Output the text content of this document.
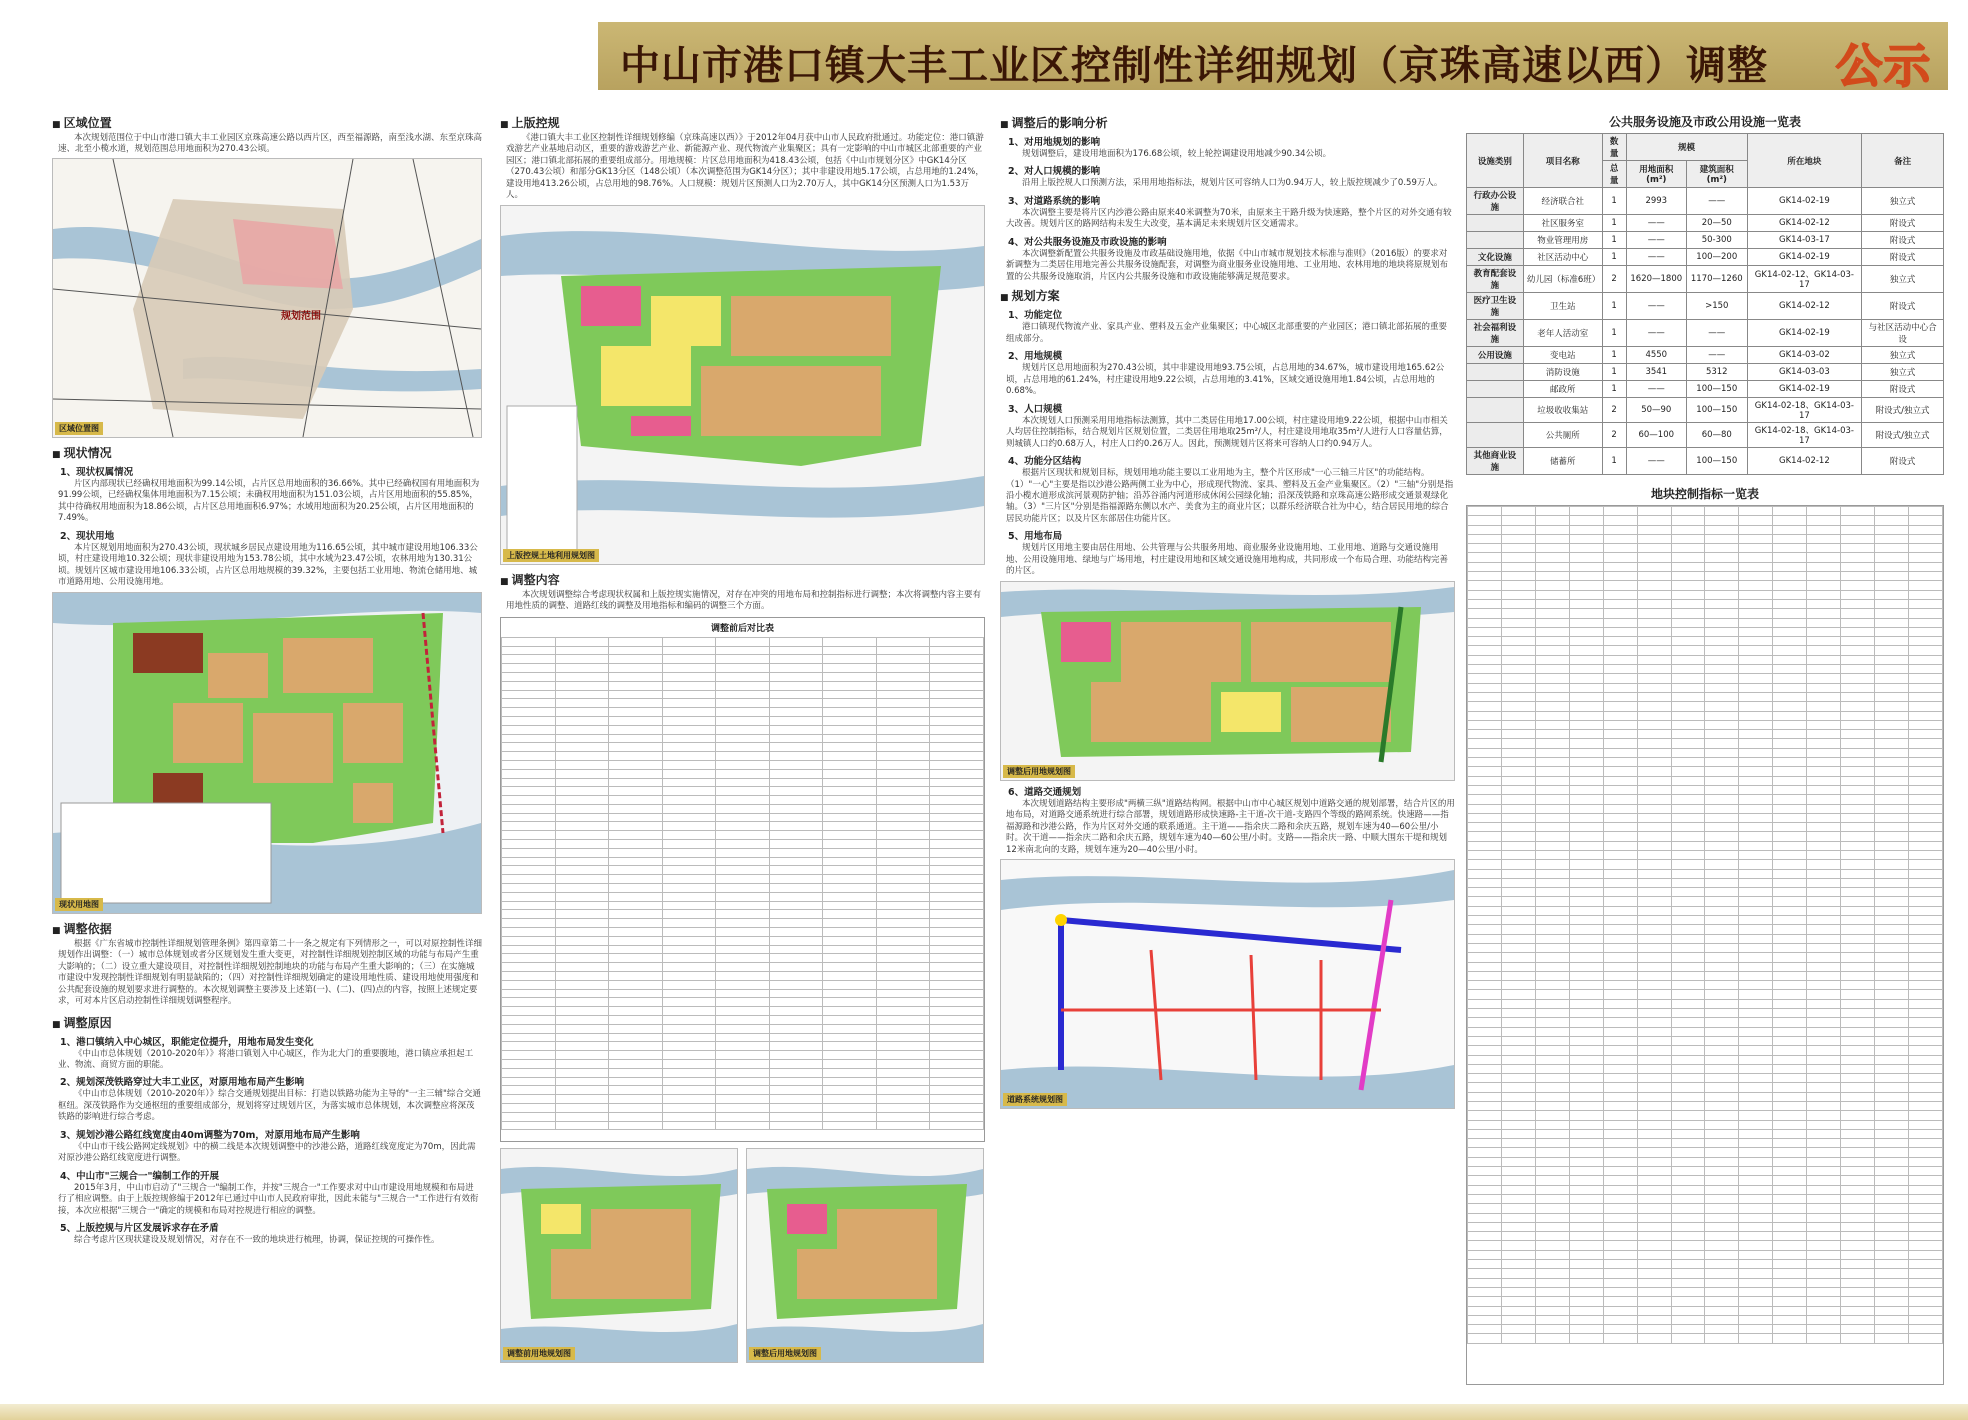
中山市港口镇大丰工业区控制性详细规划（京珠高速以西）调整 公示
■ 区域位置
本次规划范围位于中山市港口镇大丰工业园区京珠高速公路以西片区，西至福源路，南至浅水湖、东至京珠高速、北至小榄水道，规划范围总用地面积为270.43公顷。
规划范围
区域位置图
■ 现状情况
1、现状权属情况
片区内部现状已经确权用地面积为99.14公顷，占片区总用地面积的36.66%。其中已经确权国有用地面积为91.99公顷，已经确权集体用地面积为7.15公顷；未确权用地面积为151.03公顷，占片区用地面积的55.85%，其中待确权用地面积为18.86公顷，占片区总用地面积6.97%；水域用地面积为20.25公顷，占片区用地面积的7.49%。
2、现状用地
本片区规划用地面积为270.43公顷，现状城乡居民点建设用地为116.65公顷，其中城市建设用地106.33公顷，村庄建设用地10.32公顷；现状非建设用地为153.78公顷，其中水域为23.47公顷，农林用地为130.31公顷。规划片区城市建设用地106.33公顷，占片区总用地规模的39.32%，主要包括工业用地、物流仓储用地、城市道路用地、公用设施用地。
现状用地图
■ 调整依据
根据《广东省城市控制性详细规划管理条例》第四章第二十一条之规定有下列情形之一，可以对原控制性详细规划作出调整：（一）城市总体规划或者分区规划发生重大变更，对控制性详细规划控制区域的功能与布局产生重大影响的；（二）设立重大建设项目，对控制性详细规划控制地块的功能与布局产生重大影响的；（三）在实施城市建设中发现控制性详细规划有明显缺陷的；（四）对控制性详细规划确定的建设用地性质、建设用地使用强度和公共配套设施的规划要求进行调整的。本次规划调整主要涉及上述第(一)、(二)、(四)点的内容，按照上述规定要求，可对本片区启动控制性详细规划调整程序。
■ 调整原因
1、港口镇纳入中心城区，职能定位提升，用地布局发生变化
《中山市总体规划（2010-2020年）》将港口镇划入中心城区，作为北大门的重要腹地，港口镇应承担起工业、物流、商贸方面的职能。
2、规划深茂铁路穿过大丰工业区，对原用地布局产生影响
《中山市总体规划（2010-2020年）》综合交通规划提出目标：打造以铁路功能为主导的"一主三辅"综合交通枢纽。深茂铁路作为交通枢纽的重要组成部分，规划将穿过规划片区，为落实城市总体规划，本次调整应将深茂铁路的影响进行综合考虑。
3、规划沙港公路红线宽度由40m调整为70m，对原用地布局产生影响
《中山市干线公路网定线规划》中的横二线是本次规划调整中的沙港公路，道路红线宽度定为70m，因此需对原沙港公路红线宽度进行调整。
4、中山市"三规合一"编制工作的开展
2015年3月，中山市启动了"三规合一"编制工作，并按"三规合一"工作要求对中山市建设用地规模和布局进行了相应调整。由于上版控规修编于2012年已通过中山市人民政府审批，因此未能与"三规合一"工作进行有效衔接，本次应根据"三规合一"确定的规模和布局对控规进行相应的调整。
5、上版控规与片区发展诉求存在矛盾
综合考虑片区现状建设及规划情况，对存在不一致的地块进行梳理，协调，保证控规的可操作性。
■ 上版控规
《港口镇大丰工业区控制性详细规划修编（京珠高速以西）》于2012年04月获中山市人民政府批通过。功能定位：港口镇游戏游艺产业基地启动区，重要的游戏游艺产业、新能源产业、现代物流产业集聚区；具有一定影响的中山市城区北部重要的产业园区；港口镇北部拓展的重要组成部分。用地规模：片区总用地面积为418.43公顷，包括《中山市规划分区》中GK14分区（270.43公顷）和部分GK13分区（148公顷）（本次调整范围为GK14分区）；其中非建设用地5.17公顷，占总用地的1.24%，建设用地413.26公顷，占总用地的98.76%。人口规模：规划片区预测人口为2.70万人，其中GK14分区预测人口为1.53万人。
上版控规土地利用规划图
■ 调整内容
本次规划调整综合考虑现状权属和上版控规实施情况，对存在冲突的用地布局和控制指标进行调整；本次将调整内容主要有用地性质的调整、道路红线的调整及用地指标和编码的调整三个方面。
调整前后对比表

调整前用地规划图	调整后用地规划图
■ 调整后的影响分析
1、对用地规划的影响
规划调整后，建设用地面积为176.68公顷，较上轮控调建设用地减少90.34公顷。
2、对人口规模的影响
沿用上版控规人口预测方法，采用用地指标法，规划片区可容纳人口为0.94万人，较上版控规减少了0.59万人。
3、对道路系统的影响
本次调整主要是将片区内沙港公路由原来40米调整为70米，由原来主干路升级为快速路，整个片区的对外交通有较大改善。规划片区的路网结构未发生大改变，基本满足未来规划片区交通需求。
4、对公共服务设施及市政设施的影响
本次调整新配置公共服务设施及市政基础设施用地，依据《中山市城市规划技术标准与准则》（2016版）的要求对新调整为二类居住用地完善公共服务设施配套，对调整为商业服务业设施用地、工业用地、农林用地的地块将原规划布置的公共服务设施取消，片区内公共服务设施和市政设施能够满足规范要求。
■ 规划方案
1、功能定位
港口镇现代物流产业、家具产业、塑料及五金产业集聚区；中心城区北部重要的产业园区；港口镇北部拓展的重要组成部分。
2、用地规模
规划片区总用地面积为270.43公顷，其中非建设用地93.75公顷，占总用地的34.67%，城市建设用地165.62公顷，占总用地的61.24%，村庄建设用地9.22公顷，占总用地的3.41%，区域交通设施用地1.84公顷，占总用地的0.68%。
3、人口规模
本次规划人口预测采用用地指标法测算，其中二类居住用地17.00公顷，村庄建设用地9.22公顷，根据中山市相关人均居住控制指标，结合规划片区规划位置，二类居住用地取25m²/人，村庄建设用地取35m²/人进行人口容量估算，则城镇人口约0.68万人，村庄人口约0.26万人。因此，预测规划片区将来可容纳人口约0.94万人。
4、功能分区结构
根据片区现状和规划目标，规划用地功能主要以工业用地为主，整个片区形成"一心三轴三片区"的功能结构。（1）"一心"主要是指以沙港公路两侧工业为中心，形成现代物流、家具、塑料及五金产业集聚区。（2）"三轴"分别是指沿小榄水道形成滨河景观防护轴；沿苏谷涌内河道形成休闲公园绿化轴；沿深茂铁路和京珠高速公路形成交通景观绿化轴。（3）"三片区"分别是指福源路东侧以水产、美食为主的商业片区；以群乐经济联合社为中心，结合居民用地的综合居民功能片区；以及片区东部居住功能片区。
5、用地布局
规划片区用地主要由居住用地、公共管理与公共服务用地、商业服务业设施用地、工业用地、道路与交通设施用地、公用设施用地、绿地与广场用地，村庄建设用地和区域交通设施用地构成，共同形成一个布局合理、功能结构完善的片区。
调整后用地规划图
6、道路交通规划
本次规划道路结构主要形成"两横三纵"道路结构网。根据中山市中心城区规划中道路交通的规划部署，结合片区的用地布局，对道路交通系统进行综合部署，规划道路形成快速路-主干道-次干道-支路四个等级的路网系统。快速路——指福源路和沙港公路，作为片区对外交通的联系通道。主干道——指余庆二路和余庆五路，规划车速为40—60公里/小时。次干道——指余庆二路和余庆五路，规划车速为40—60公里/小时。支路——指余庆一路、中顺大围东干堤和规划12米南北向的支路，规划车速为20—40公里/小时。
道路系统规划图
公共服务设施及市政公用设施一览表
设施类别	项目名称	数量	规模		所在地块	备注
		总量	用地面积(m²)	建筑面积(m²)		
行政办公设施	经济联合社	1	2993	——	GK14-02-19	独立式
	社区服务室	1	——	20—50	GK14-02-12	附设式
	物业管理用房	1	——	50-300	GK14-03-17	附设式
文化设施	社区活动中心	1	——	100—200	GK14-02-19	附设式
教育配套设施	幼儿园（标准6班）	2	1620—1800	1170—1260	GK14-02-12、GK14-03-17	独立式
医疗卫生设施	卫生站	1	——	>150	GK14-02-12	附设式
社会福利设施	老年人活动室	1	——	——	GK14-02-19	与社区活动中心合设
公用设施	变电站	1	4550	——	GK14-03-02	独立式
	消防设施	1	3541	5312	GK14-03-03	独立式
	邮政所	1	——	100—150	GK14-02-19	附设式
	垃圾收收集站	2	50—90	100—150	GK14-02-18、GK14-03-17	附设式/独立式
	公共厕所	2	60—100	60—80	GK14-02-18、GK14-03-17	附设式/独立式
其他商业设施	储蓄所	1	——	100—150	GK14-02-12	附设式
地块控制指标一览表
